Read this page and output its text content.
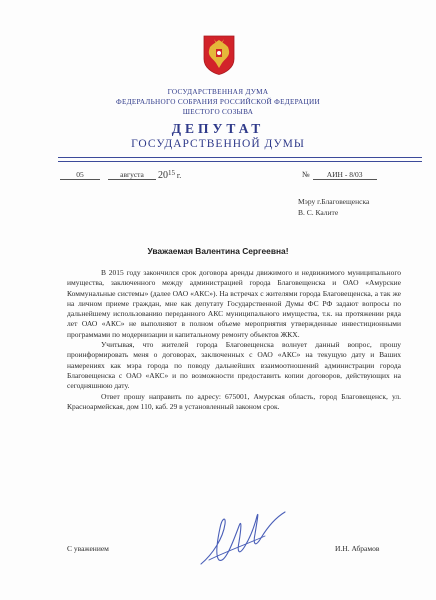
ГОСУДАРСТВЕННАЯ ДУМА
ФЕДЕРАЛЬНОГО СОБРАНИЯ РОССИЙСКОЙ ФЕДЕРАЦИИ
ШЕСТОГО СОЗЫВА
ДЕПУТАТ
ГОСУДАРСТВЕННОЙ ДУМЫ
05	августа	2015 г.	№ АИН - 8/03
Мэру г.Благовещенска
В. С. Калите
Уважаемая Валентина Сергеевна!

В 2015 году закончился срок договора аренды движимого и недвижимого муниципального имущества, заключенного между администрацией города Благовещенска и ОАО «Амурские Коммунальные системы» (далее ОАО «АКС»). На встречах с жителями города Благовещенска, а так же на личном приеме граждан, мне как депутату Государственной Думы ФС РФ задают вопросы по дальнейшему использованию переданного АКС муниципального имущества, т.к. на протяжении ряда лет ОАО «АКС» не выполняют в полном объеме мероприятия утвержденные инвестиционными программами по модернизации и капитальному ремонту объектов ЖКХ.

Учитывая, что жителей города Благовещенска волнует данный вопрос, прошу проинформировать меня о договорах, заключенных с ОАО «АКС» на текущую дату и Ваших намерениях как мэра города по поводу дальнейших взаимоотношений администрации города Благовещенска с ОАО «АКС» и по возможности предоставить копии договоров, действующих на сегодняшнюю дату.

Ответ прошу направить по адресу: 675001, Амурская область, город Благовещенск, ул. Красноармейская, дом 110, каб. 29 в установленный законом срок.

С уважением	И.Н. Абрамов
